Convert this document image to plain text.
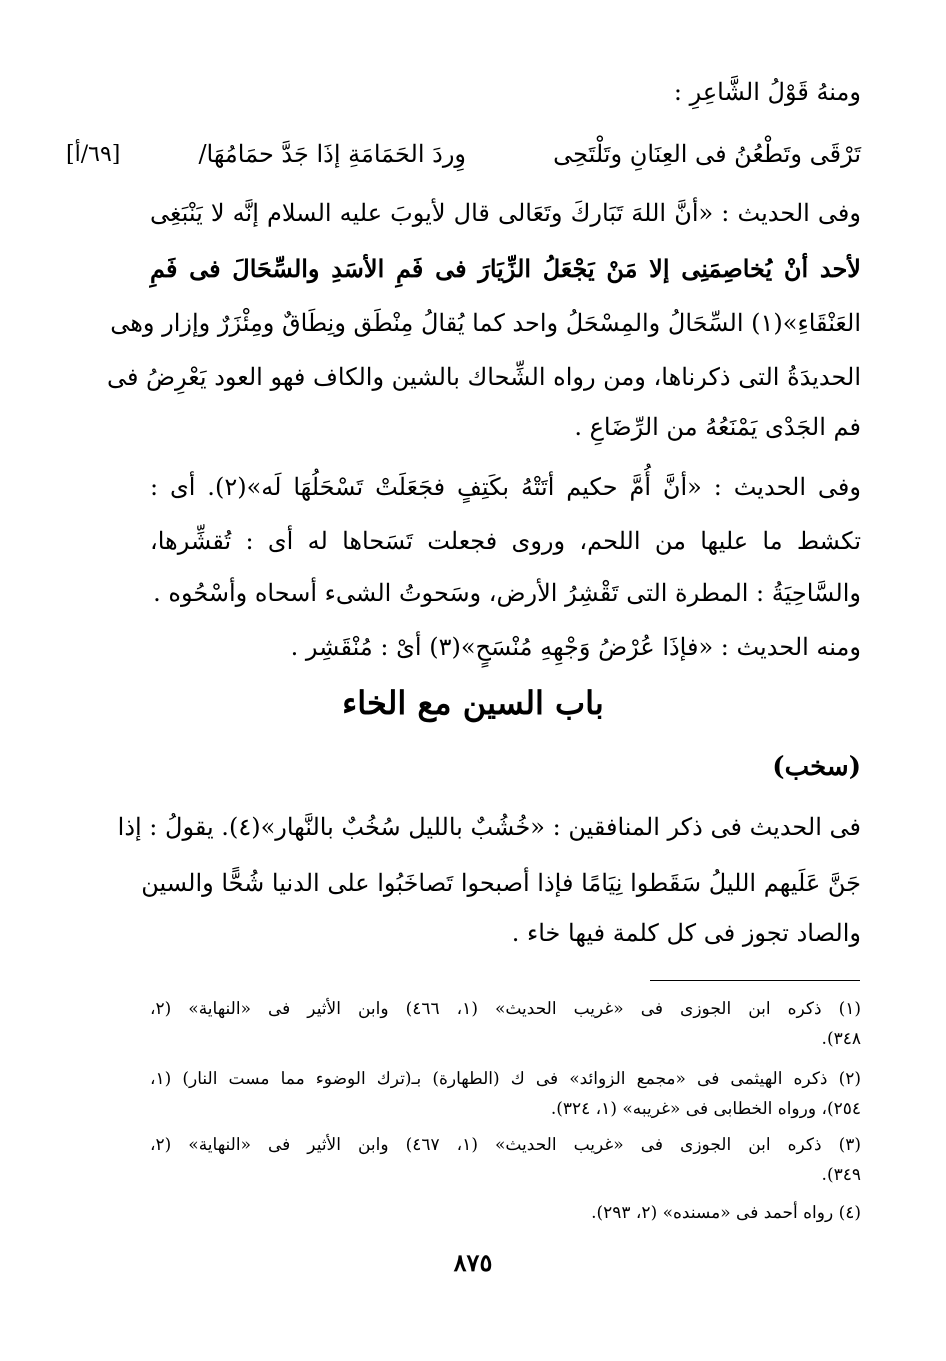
ومنهُ قَوْلُ الشَّاعِرِ :
تَرْقَى وتَطْعُنُ فى العِنَانِ وتَلْتَحِى
وِردَ الحَمَامَةِ إذَا جَدَّ حمَامُهَا/
[٦٩/أ]
وفى الحديث : «أنَّ اللهَ تَبَاركَ وتَعَالى قال لأيوبَ عليه السلام إنَّه لا يَنْبَغِى
لأحد أنْ يُخاصِمَنِى إلا مَنْ يَجْعَلُ الزِّيَارَ فى فَمِ الأسَدِ والسِّحَالَ فى فَمِ
العَنْقَاءِ»(١) السِّحَالُ والمِسْحَلُ واحد كما يُقالُ مِنْطَق ونِطَاقٌ ومِئْزَرٌ وإزار وهى
الحديدَةُ التى ذكرناها، ومن رواه الشِّحاك بالشين والكاف فهو العود يَعْرِضُ فى
فم الجَدْى يَمْنَعُهُ من الرِّضَاعِ .
وفى الحديث : «أنَّ أُمَّ حكيم أتَتْهُ بكَتِفٍ فجَعَلَتْ تَسْحَلُهَا لَه»(٢). أى :
تكشط ما عليها من اللحم، وروى فجعلت تَسَحاها له أى : تُقشِّرها،
والسَّاحِيَةُ : المطرة التى تَقْشِرُ الأرض، وسَحوتُ الشىء أسحاه وأسْحُوه .
ومنه الحديث : «فإذَا عُرْضُ وَجْهِهِ مُنْسَحٍ»(٣) أىْ : مُنْقَشِر .
باب السين مع الخاء
(سخب)
فى الحديث فى ذكر المنافقين : «خُشُبٌ بالليل سُخُبٌ بالنَّهار»(٤). يقولُ : إذا
جَنَّ عَلَيهم الليلُ سَقَطوا نِيَامًا فإذا أصبحوا تَصاخَبُوا على الدنيا شُحًّا والسين
والصاد تجوز فى كل كلمة فيها خاء .
(١) ذكره ابن الجوزى فى «غريب الحديث» (١، ٤٦٦) وابن الأثير فى «النهاية» (٢،
٣٤٨).
(٢) ذكره الهيثمى فى «مجمع الزوائد» فى ك (الطهارة) بـ(ترك الوضوء مما مست النار) (١،
٢٥٤)، ورواه الخطابى فى «غريبه» (١، ٣٢٤).
(٣) ذكره ابن الجوزى فى «غريب الحديث» (١، ٤٦٧) وابن الأثير فى «النهاية» (٢،
٣٤٩).
(٤) رواه أحمد فى «مسنده» (٢، ٢٩٣).
٨٧٥
